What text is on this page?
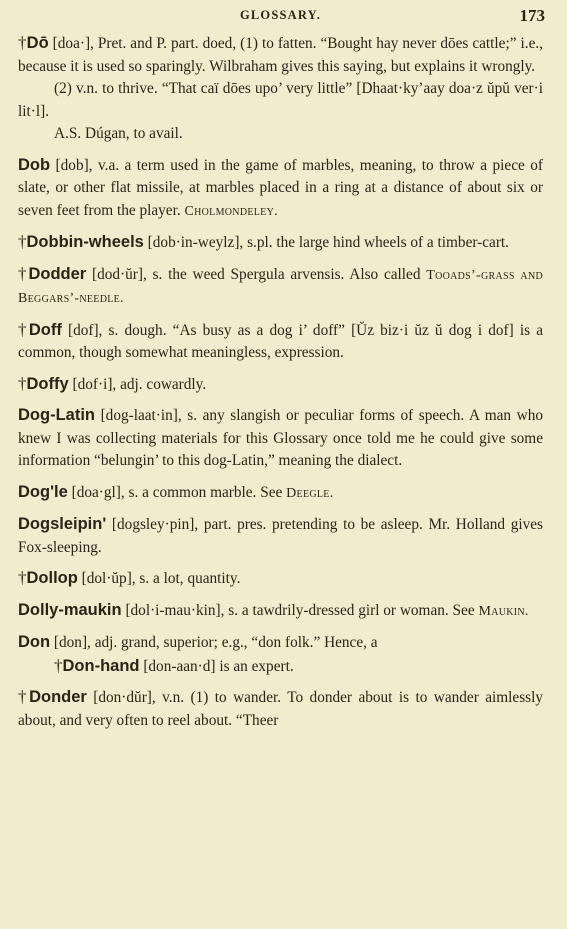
GLOSSARY.	173

†Dō [doa·], Pret. and P. part. doed, (1) to fatten. “Bought hay never dōes cattle;” i.e., because it is used so sparingly. Wilbraham gives this saying, but explains it wrongly.

(2) v.n. to thrive. “That caï dōes upo’ very little” [Dhaat·ky’aay doa·z ŭpŭ ver·i lit·l].

A.S. Dúgan, to avail.

Dob [dob], v.a. a term used in the game of marbles, meaning, to throw a piece of slate, or other flat missile, at marbles placed in a ring at a distance of about six or seven feet from the player. Cholmondeley.

†Dobbin-wheels [dob·in-weylz], s.pl. the large hind wheels of a timber-cart.

†Dodder [dod·ŭr], s. the weed Spergula arvensis. Also called Tooads’-grass and Beggars’-needle.

†Doff [dof], s. dough. “As busy as a dog i’ doff” [Ŭz biz·i ŭz ŭ dog i dof] is a common, though somewhat meaningless, expression.

†Doffy [dof·i], adj. cowardly.

Dog-Latin [dog-laat·in], s. any slangish or peculiar forms of speech. A man who knew I was collecting materials for this Glossary once told me he could give some information “belungin’ to this dog-Latin,” meaning the dialect.

Dog'le [doa·gl], s. a common marble. See Deegle.

Dogsleipin' [dogsley·pin], part. pres. pretending to be asleep. Mr. Holland gives Fox-sleeping.

†Dollop [dol·ŭp], s. a lot, quantity.

Dolly-maukin [dol·i-mau·kin], s. a tawdrily-dressed girl or woman. See Maukin.

Don [don], adj. grand, superior; e.g., “don folk.” Hence, a

†Don-hand [don-aan·d] is an expert.

†Donder [don·dŭr], v.n. (1) to wander. To donder about is to wander aimlessly about, and very often to reel about. “Theer
